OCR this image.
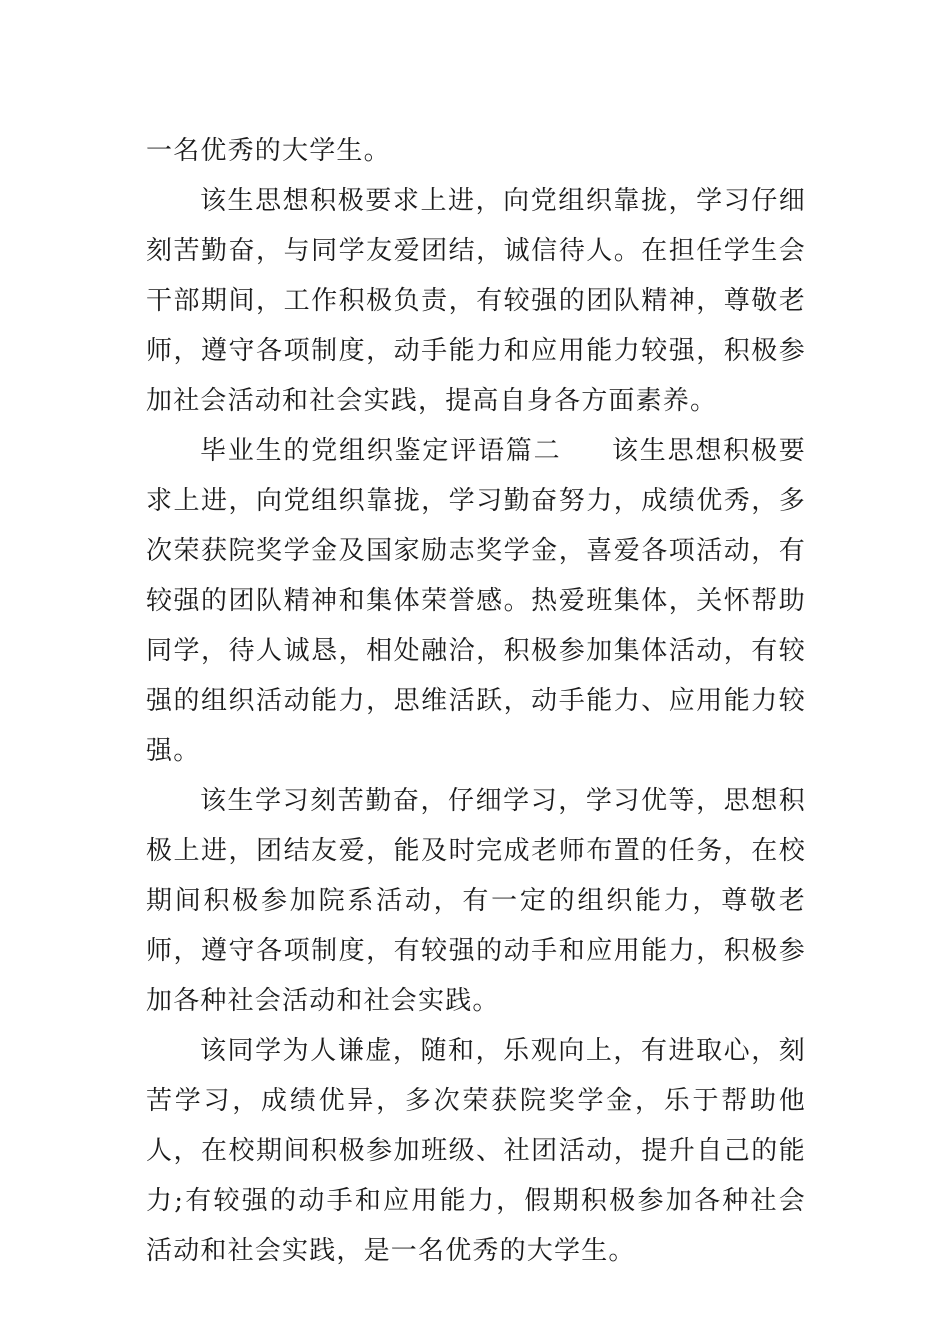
一名优秀的大学生。

该生思想积极要求上进，向党组织靠拢，学习仔细刻苦勤奋，与同学友爱团结，诚信待人。在担任学生会干部期间，工作积极负责，有较强的团队精神，尊敬老师，遵守各项制度，动手能力和应用能力较强，积极参加社会活动和社会实践，提高自身各方面素养。

毕业生的党组织鉴定评语篇二 该生思想积极要求上进，向党组织靠拢，学习勤奋努力，成绩优秀，多次荣获院奖学金及国家励志奖学金，喜爱各项活动，有较强的团队精神和集体荣誉感。热爱班集体，关怀帮助同学，待人诚恳，相处融洽，积极参加集体活动，有较强的组织活动能力，思维活跃，动手能力、应用能力较强。

该生学习刻苦勤奋，仔细学习，学习优等，思想积极上进，团结友爱，能及时完成老师布置的任务，在校期间积极参加院系活动，有一定的组织能力，尊敬老师，遵守各项制度，有较强的动手和应用能力，积极参加各种社会活动和社会实践。

该同学为人谦虚，随和，乐观向上，有进取心，刻苦学习，成绩优异，多次荣获院奖学金，乐于帮助他人，在校期间积极参加班级、社团活动，提升自己的能力;有较强的动手和应用能力，假期积极参加各种社会活动和社会实践，是一名优秀的大学生。
